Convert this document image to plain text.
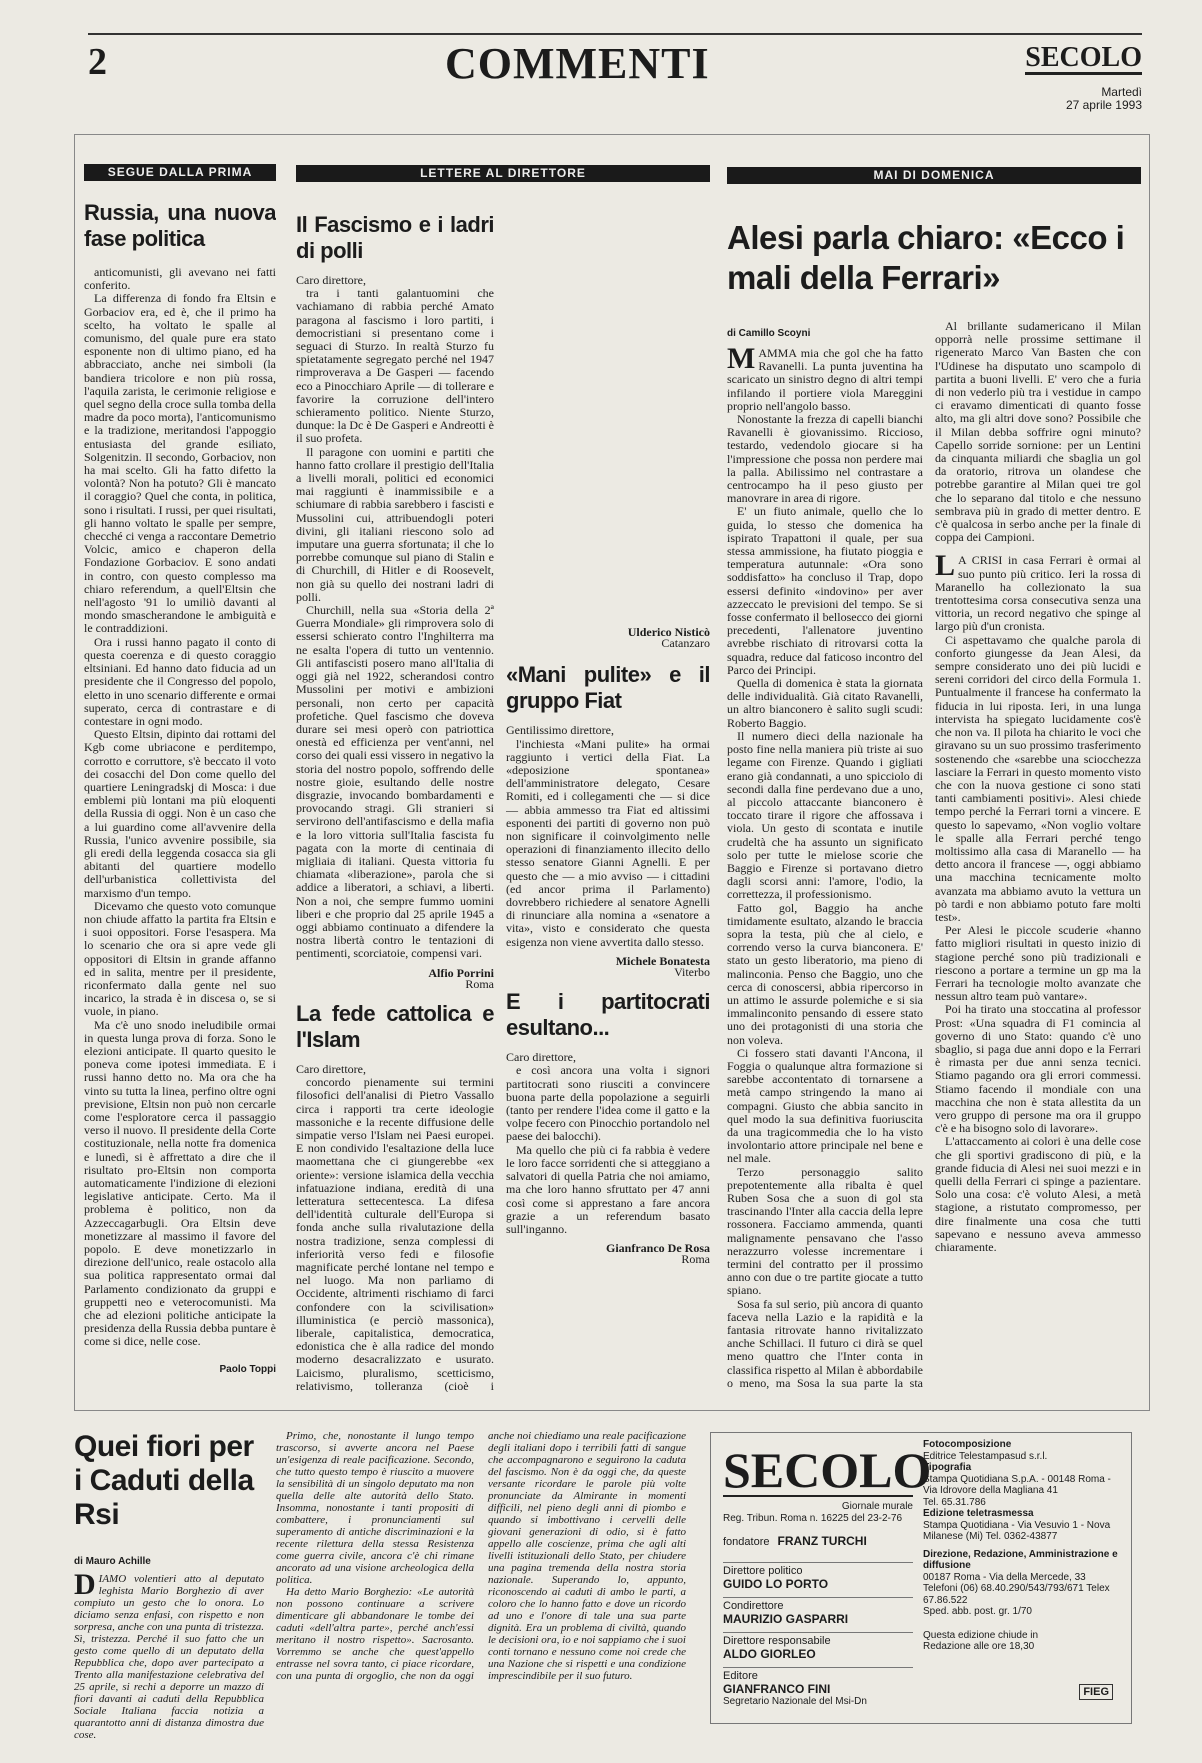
2	COMMENTI	SECOLO
Martedì
27 aprile 1993
SEGUE DALLA PRIMA	LETTERE AL DIRETTORE	MAI DI DOMENICA
Russia, una nuova fase politica

anticomunisti, gli avevano nei fatti conferito.

La differenza di fondo fra Eltsin e Gorbaciov era, ed è, che il primo ha scelto, ha voltato le spalle al comunismo, del quale pure era stato esponente non di ultimo piano, ed ha abbracciato, anche nei simboli (la bandiera tricolore e non più rossa, l'aquila zarista, le cerimonie religiose e quel segno della croce sulla tomba della madre da poco morta), l'anticomunismo e la tradizione, meritandosi l'appoggio entusiasta del grande esiliato, Solgenitzin. Il secondo, Gorbaciov, non ha mai scelto. Gli ha fatto difetto la volontà? Non ha potuto? Gli è mancato il coraggio? Quel che conta, in politica, sono i risultati. I russi, per quei risultati, gli hanno voltato le spalle per sempre, checché ci venga a raccontare Demetrio Volcic, amico e chaperon della Fondazione Gorbaciov. E sono andati in contro, con questo complesso ma chiaro referendum, a quell'Eltsin che nell'agosto '91 lo umiliò davanti al mondo smascherandone le ambiguità e le contraddizioni.

Ora i russi hanno pagato il conto di questa coerenza e di questo coraggio eltsiniani. Ed hanno dato fiducia ad un presidente che il Congresso del popolo, eletto in uno scenario differente e ormai superato, cerca di contrastare e di contestare in ogni modo.

Questo Eltsin, dipinto dai rottami del Kgb come ubriacone e perditempo, corrotto e corruttore, s'è beccato il voto dei cosacchi del Don come quello del quartiere Leningradskj di Mosca: i due emblemi più lontani ma più eloquenti della Russia di oggi. Non è un caso che a lui guardino come all'avvenire della Russia, l'unico avvenire possibile, sia gli eredi della leggenda cosacca sia gli abitanti del quartiere modello dell'urbanistica collettivista del marxismo d'un tempo.

Dicevamo che questo voto comunque non chiude affatto la partita fra Eltsin e i suoi oppositori. Forse l'esaspera. Ma lo scenario che ora si apre vede gli oppositori di Eltsin in grande affanno ed in salita, mentre per il presidente, riconfermato dalla gente nel suo incarico, la strada è in discesa o, se si vuole, in piano.

Ma c'è uno snodo ineludibile ormai in questa lunga prova di forza. Sono le elezioni anticipate. Il quarto quesito le poneva come ipotesi immediata. E i russi hanno detto no. Ma ora che ha vinto su tutta la linea, perfino oltre ogni previsione, Eltsin non può non cercarle come l'esploratore cerca il passaggio verso il nuovo. Il presidente della Corte costituzionale, nella notte fra domenica e lunedì, si è affrettato a dire che il risultato pro-Eltsin non comporta automaticamente l'indizione di elezioni legislative anticipate. Certo. Ma il problema è politico, non da Azzeccagarbugli. Ora Eltsin deve monetizzare al massimo il favore del popolo. E deve monetizzarlo in direzione dell'unico, reale ostacolo alla sua politica rappresentato ormai dal Parlamento condizionato da gruppi e gruppetti neo e veterocomunisti. Ma che ad elezioni politiche anticipate la presidenza della Russia debba puntare è come si dice, nelle cose.

Paolo Toppi
Il Fascismo e i ladri di polli
Caro direttore,

tra i tanti galantuomini che vachiamano di rabbia perché Amato paragona al fascismo i loro partiti, i democristiani si presentano come i seguaci di Sturzo. In realtà Sturzo fu spietatamente segregato perché nel 1947 rimproverava a De Gasperi — facendo eco a Pinocchiaro Aprile — di tollerare e favorire la corruzione dell'intero schieramento politico. Niente Sturzo, dunque: la Dc è De Gasperi e Andreotti è il suo profeta.

Il paragone con uomini e partiti che hanno fatto crollare il prestigio dell'Italia a livelli morali, politici ed economici mai raggiunti è inammissibile e a schiumare di rabbia sarebbero i fascisti e Mussolini cui, attribuendogli poteri divini, gli italiani riescono solo ad imputare una guerra sfortunata; il che lo porrebbe comunque sul piano di Stalin e di Churchill, di Hitler e di Roosevelt, non già su quello dei nostrani ladri di polli.

Churchill, nella sua «Storia della 2ª Guerra Mondiale» gli rimprovera solo di essersi schierato contro l'Inghilterra ma ne esalta l'opera di tutto un ventennio. Gli antifascisti posero mano all'Italia di oggi già nel 1922, scherandosi contro Mussolini per motivi e ambizioni personali, non certo per capacità profetiche. Quel fascismo che doveva durare sei mesi operò con patriottica onestà ed efficienza per vent'anni, nel corso dei quali essi vissero in negativo la storia del nostro popolo, soffrendo delle nostre gioie, esultando delle nostre disgrazie, invocando bombardamenti e provocando stragi. Gli stranieri si servirono dell'antifascismo e della mafia e la loro vittoria sull'Italia fascista fu pagata con la morte di centinaia di migliaia di italiani. Questa vittoria fu chiamata «liberazione», parola che si addice a liberatori, a schiavi, a liberti. Non a noi, che sempre fummo uomini liberi e che proprio dal 25 aprile 1945 a oggi abbiamo continuato a difendere la nostra libertà contro le tentazioni di pentimenti, scorciatoie, compensi vari.

Alfio Porrini
Roma
La fede cattolica e l'Islam
Caro direttore,

concordo pienamente sui termini filosofici dell'analisi di Pietro Vassallo circa i rapporti tra certe ideologie massoniche e la recente diffusione delle simpatie verso l'Islam nei Paesi europei. E non condivido l'esaltazione della luce maomettana che ci giungerebbe «ex oriente»: versione islamica della vecchia infatuazione indiana, eredità di una letteratura settecentesca. La difesa dell'identità culturale dell'Europa si fonda anche sulla rivalutazione della nostra tradizione, senza complessi di inferiorità verso fedi e filosofie magnificate perché lontane nel tempo e nel luogo. Ma non parliamo di Occidente, altrimenti rischiamo di farci confondere con la scivilisation» illuministica (e perciò massonica), liberale, capitalistica, democratica, edonistica che è alla radice del mondo moderno desacralizzato e usurato. Laicismo, pluralismo, scetticismo, relativismo, tolleranza (cioè i

Ulderico Nisticò
Catanzaro
«Mani pulite» e il gruppo Fiat
Gentilissimo direttore,

l'inchiesta «Mani pulite» ha ormai raggiunto i vertici della Fiat. La «deposizione spontanea» dell'amministratore delegato, Cesare Romiti, ed i collegamenti che — si dice — abbia ammesso tra Fiat ed altissimi esponenti dei partiti di governo non può non significare il coinvolgimento nelle operazioni di finanziamento illecito dello stesso senatore Gianni Agnelli. E per questo che — a mio avviso — i cittadini (ed ancor prima il Parlamento) dovrebbero richiedere al senatore Agnelli di rinunciare alla nomina a «senatore a vita», visto e considerato che questa esigenza non viene avvertita dallo stesso.

Michele Bonatesta
Viterbo
E i partitocrati esultano...
Caro direttore,

e così ancora una volta i signori partitocrati sono riusciti a convincere buona parte della popolazione a seguirli (tanto per rendere l'idea come il gatto e la volpe fecero con Pinocchio portandolo nel paese dei balocchi).

Ma quello che più ci fa rabbia è vedere le loro facce sorridenti che si atteggiano a salvatori di quella Patria che noi amiamo, ma che loro hanno sfruttato per 47 anni così come si apprestano a fare ancora grazie a un referendum basato sull'inganno.

Gianfranco De Rosa
Roma
Alesi parla chiaro: «Ecco i mali della Ferrari»
di Camillo Scoyni
MAMMA mia che gol che ha fatto Ravanelli. La punta juventina ha scaricato un sinistro degno di altri tempi infilando il portiere viola Mareggini proprio nell'angolo basso.

Nonostante la frezza di capelli bianchi Ravanelli è giovanissimo. Riccioso, testardo, vedendolo giocare si ha l'impressione che possa non perdere mai la palla. Abilissimo nel contrastare a centrocampo ha il peso giusto per manovrare in area di rigore.

E' un fiuto animale, quello che lo guida, lo stesso che domenica ha ispirato Trapattoni il quale, per sua stessa ammissione, ha fiutato pioggia e temperatura autunnale: «Ora sono soddisfatto» ha concluso il Trap, dopo essersi definito «indovino» per aver azzeccato le previsioni del tempo. Se si fosse confermato il bellosecco dei giorni precedenti, l'allenatore juventino avrebbe rischiato di ritrovarsi cotta la squadra, reduce dal faticoso incontro del Parco dei Principi.

Quella di domenica è stata la giornata delle individualità. Già citato Ravanelli, un altro bianconero è salito sugli scudi: Roberto Baggio.

Il numero dieci della nazionale ha posto fine nella maniera più triste ai suo legame con Firenze. Quando i gigliati erano già condannati, a uno spicciolo di secondi dalla fine perdevano due a uno, al piccolo attaccante bianconero è toccato tirare il rigore che affossava i viola. Un gesto di scontata e inutile crudeltà che ha assunto un significato solo per tutte le mielose scorie che Baggio e Firenze si portavano dietro dagli scorsi anni: l'amore, l'odio, la correttezza, il professionismo.

Fatto gol, Baggio ha anche timidamente esultato, alzando le braccia sopra la testa, più che al cielo, e correndo verso la curva bianconera. E' stato un gesto liberatorio, ma pieno di malinconia. Penso che Baggio, uno che cerca di conoscersi, abbia ripercorso in un attimo le assurde polemiche e si sia immalinconito pensando di essere stato uno dei protagonisti di una storia che non voleva.

Ci fossero stati davanti l'Ancona, il Foggia o qualunque altra formazione si sarebbe accontentato di tornarsene a metà campo stringendo la mano ai compagni. Giusto che abbia sancito in quel modo la sua definitiva fuoriuscita da una tragicommedia che lo ha visto involontario attore principale nel bene e nel male.

Terzo personaggio salito prepotentemente alla ribalta è quel Ruben Sosa che a suon di gol sta trascinando l'Inter alla caccia della lepre rossonera. Facciamo ammenda, quanti malignamente pensavano che l'asso nerazzurro volesse incrementare i termini del contratto per il prossimo anno con due o tre partite giocate a tutto spiano.

Sosa fa sul serio, più ancora di quanto faceva nella Lazio e la rapidità e la fantasia ritrovate hanno rivitalizzato anche Schillaci. Il futuro ci dirà se quel meno quattro che l'Inter conta in classifica rispetto al Milan è abbordabile o meno, ma Sosa la sua parte la sta

Al brillante sudamericano il Milan opporrà nelle prossime settimane il rigenerato Marco Van Basten che con l'Udinese ha disputato uno scampolo di partita a buoni livelli. E' vero che a furia di non vederlo più tra i vestidue in campo ci eravamo dimenticati di quanto fosse alto, ma gli altri dove sono? Possibile che il Milan debba soffrire ogni minuto? Capello sorride sornione: per un Lentini da cinquanta miliardi che sbaglia un gol da oratorio, ritrova un olandese che potrebbe garantire al Milan quei tre gol che lo separano dal titolo e che nessuno sembrava più in grado di metter dentro. E c'è qualcosa in serbo anche per la finale di coppa dei Campioni.

L A CRISI in casa Ferrari è ormai al suo punto più critico. Ieri la rossa di Maranello ha collezionato la sua trentottesima corsa consecutiva senza una vittoria, un record negativo che spinge al largo più d'un cronista.

Ci aspettavamo che qualche parola di conforto giungesse da Jean Alesi, da sempre considerato uno dei più lucidi e sereni corridori del circo della Formula 1. Puntualmente il francese ha confermato la fiducia in lui riposta. Ieri, in una lunga intervista ha spiegato lucidamente cos'è che non va. Il pilota ha chiarito le voci che giravano su un suo prossimo trasferimento sostenendo che «sarebbe una sciocchezza lasciare la Ferrari in questo momento visto che con la nuova gestione ci sono stati tanti cambiamenti positivi». Alesi chiede tempo perché la Ferrari torni a vincere. E questo lo sapevamo, «Non voglio voltare le spalle alla Ferrari perché tengo moltissimo alla casa di Maranello — ha detto ancora il francese —, oggi abbiamo una macchina tecnicamente molto avanzata ma abbiamo avuto la vettura un pò tardi e non abbiamo potuto fare molti test».

Per Alesi le piccole scuderie «hanno fatto migliori risultati in questo inizio di stagione perché sono più tradizionali e riescono a portare a termine un gp ma la Ferrari ha tecnologie molto avanzate che nessun altro team può vantare».

Poi ha tirato una stoccatina al professor Prost: «Una squadra di F1 comincia al governo di uno Stato: quando c'è uno sbaglio, si paga due anni dopo e la Ferrari è rimasta per due anni senza tecnici. Stiamo pagando ora gli errori commessi. Stiamo facendo il mondiale con una macchina che non è stata allestita da un vero gruppo di persone ma ora il gruppo c'è e ha bisogno solo di lavorare».

L'attaccamento ai colori è una delle cose che gli sportivi gradiscono di più, e la grande fiducia di Alesi nei suoi mezzi e in quelli della Ferrari ci spinge a pazientare. Solo una cosa: c'è voluto Alesi, a metà stagione, a ristutato compromesso, per dire finalmente una cosa che tutti sapevano e nessuno aveva ammesso chiaramente.

Quei fiori per i Caduti della Rsi
di Mauro Achille
DIAMO volentieri atto al deputato leghista Mario Borghezio di aver compiuto un gesto che lo onora. Lo diciamo senza enfasi, con rispetto e non sorpresa, anche con una punta di tristezza. Sì, tristezza. Perché il suo fatto che un gesto come quello di un deputato della Repubblica che, dopo aver partecipato a Trento alla manifestazione celebrativa del 25 aprile, si rechi a deporre un mazzo di fiori davanti ai caduti della Repubblica Sociale Italiana faccia notizia a quarantotto anni di distanza dimostra due cose.

Primo, che, nonostante il lungo tempo trascorso, si avverte ancora nel Paese un'esigenza di reale pacificazione. Secondo, che tutto questo tempo è riuscito a muovere la sensibilità di un singolo deputato ma non quella delle alte autorità dello Stato. Insomma, nonostante i tanti propositi di combattere, i pronunciamenti sul superamento di antiche discriminazioni e la recente rilettura della stessa Resistenza come guerra civile, ancora c'è chi rimane ancorato ad una visione archeologica della politica.

Ha detto Mario Borghezio: «Le autorità non possono continuare a scrivere dimenticare gli abbandonare le tombe dei caduti «dell'altra parte», perché anch'essi meritano il nostro rispetto». Sacrosanto. Vorremmo se anche che quest'appello entrasse nel sovra tanto, ci piace ricordare, con una punta di orgoglio, che non da oggi anche noi chiediamo una reale pacificazione degli italiani dopo i terribili fatti di sangue che accompagnarono e seguirono la caduta del fascismo. Non è da oggi che, da queste versante ricordare le parole più volte pronunciate da Almirante in momenti difficili, nel pieno degli anni di piombo e quando si imbottivano i cervelli delle giovani generazioni di odio, si è fatto appello alle coscienze, prima che agli alti livelli istituzionali dello Stato, per chiudere una pagina tremenda della nostra storia nazionale. Superando lo, appunto, riconoscendo ai caduti di ambo le parti, a coloro che lo hanno fatto e dove un ricordo ad uno e l'onore di tale una sua parte dignità. Era un problema di civiltà, quando le decisioni ora, io e noi sappiamo che i suoi conti tornano e nessuno come noi crede che una Nazione che si rispetti e una condizione imprescindibile per il suo futuro.

SECOLO
Giornale murale
Reg. Tribun. Roma n. 16225 del 23-2-76
fondatore FRANZ TURCHI
Direttore politico
GUIDO LO PORTO
Condirettore
MAURIZIO GASPARRI
Direttore responsabile
ALDO GIORLEO
Editore
GIANFRANCO FINI
Segretario Nazionale del Msi-Dn
Fotocomposizione
Editrice Telestampasud s.r.l.
Tipografia
Stampa Quotidiana S.p.A. - 00148 Roma - Via Idrovore della Magliana 41
Tel. 65.31.786
Edizione teletrasmessa
Stampa Quotidiana - Via Vesuvio 1 - Nova Milanese (Mi) Tel. 0362-43877
Direzione, Redazione, Amministrazione e diffusione
00187 Roma - Via della Mercede, 33 Telefoni (06) 68.40.290/543/793/671 Telex 67.86.522
Sped. abb. post. gr. 1/70
Questa edizione chiude in Redazione alle ore 18,30
FIEG
